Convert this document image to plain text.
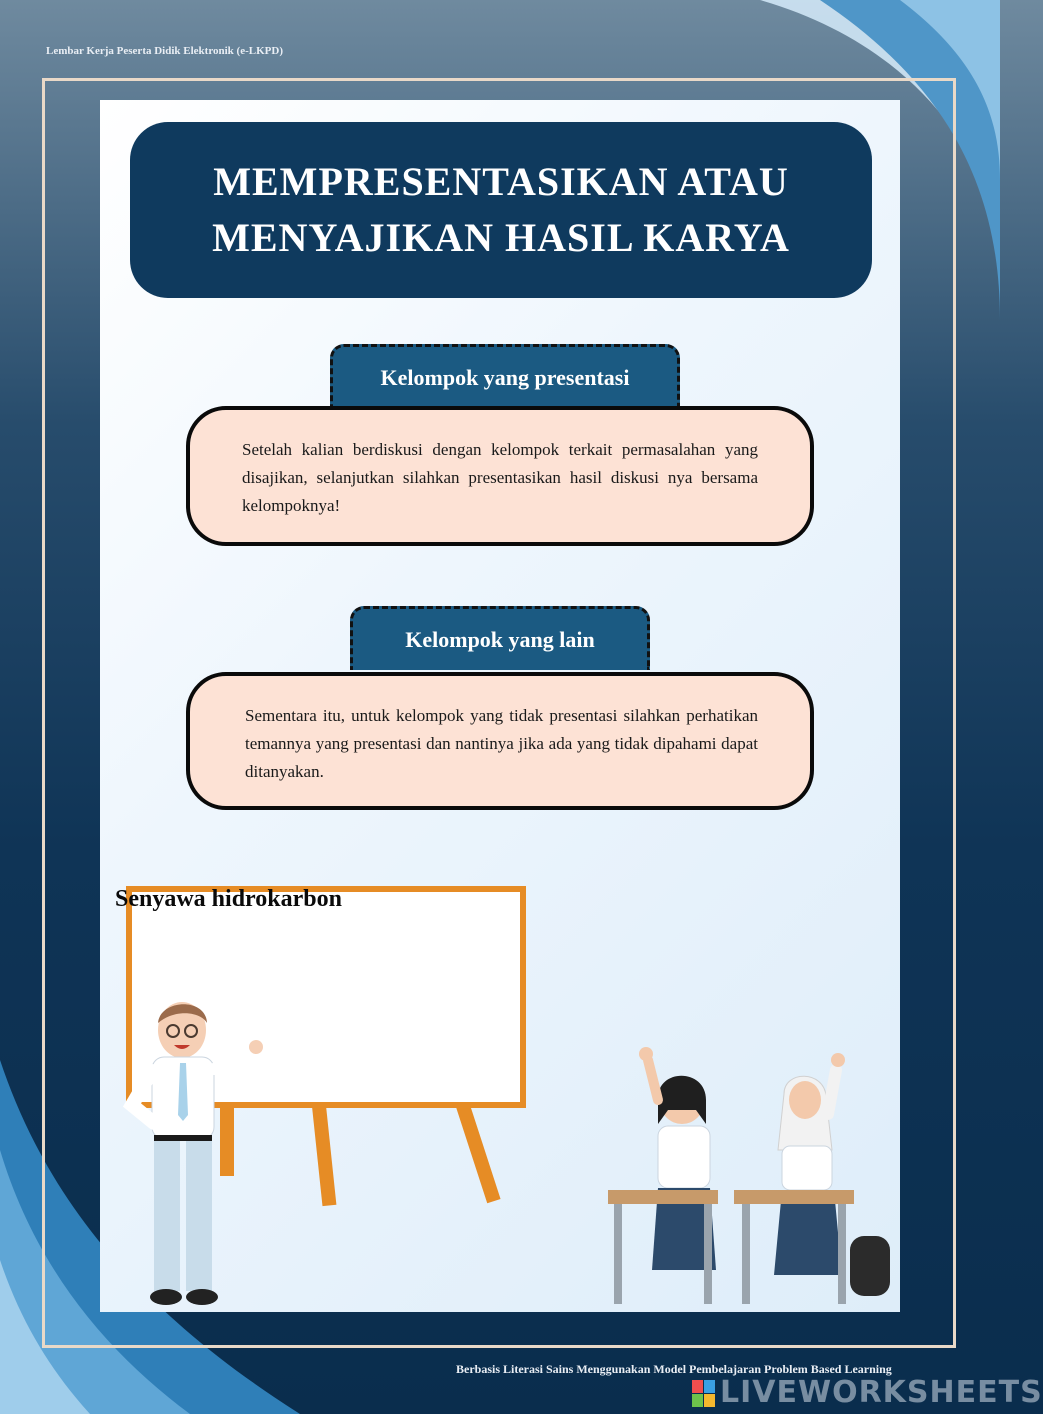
Lembar Kerja Peserta Didik Elektronik (e-LKPD)
MEMPRESENTASIKAN ATAU
MENYAJIKAN HASIL KARYA
Kelompok yang presentasi
Setelah kalian berdiskusi dengan kelompok terkait permasalahan yang disajikan, selanjutkan silahkan presentasikan hasil diskusi nya bersama kelompoknya!
Kelompok yang lain
Sementara itu, untuk kelompok yang tidak presentasi silahkan perhatikan temannya yang presentasi dan nantinya jika ada yang tidak dipahami dapat ditanyakan.
Senyawa hidrokarbon
Berbasis Literasi Sains Menggunakan Model Pembelajaran Problem Based Learning
LIVEWORKSHEETS
